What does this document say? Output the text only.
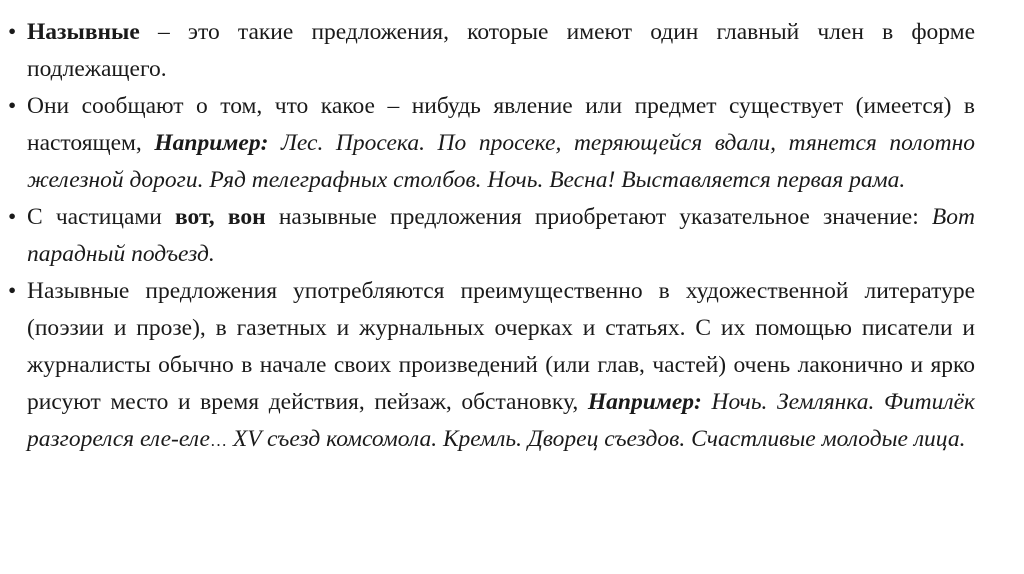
• Назывные – это такие предложения, которые имеют один главный член в форме подлежащего.

• Они сообщают о том, что какое – нибудь явление или предмет существует (имеется) в настоящем, Например: Лес. Просека. По просеке, теряющейся вдали, тянется полотно железной дороги. Ряд телеграфных столбов. Ночь. Весна! Выставляется первая рама.

• С частицами вот, вон назывные предложения приобретают указательное значение: Вот парадный подъезд.

• Назывные предложения употребляются преимущественно в художественной литературе (поэзии и прозе), в газетных и журнальных очерках и статьях. С их помощью писатели и журналисты обычно в начале своих произведений (или глав, частей) очень лаконично и ярко рисуют место и время действия, пейзаж, обстановку, Например: Ночь. Землянка. Фитилёк разгорелся еле-еле… XV съезд комсомола. Кремль. Дворец съездов. Счастливые молодые лица.
